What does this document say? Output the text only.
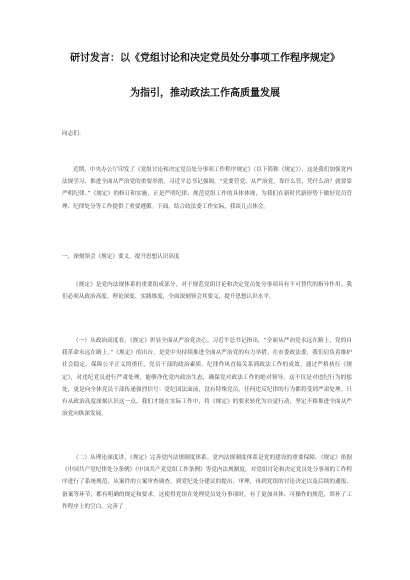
研讨发言：以《党组讨论和决定党员处分事项工作程序规定》
为指引，推动政法工作高质量发展

同志们：

近期，中央办公厅印发了《党组讨论和决定党员处分事项工作程序规定》（以下简称《规定》），这是我们加强党内法规学习、推进全面从严治党的重要举措。习近平总书记强调，“党要管党、从严治党，靠什么管，凭什么治？就要靠严明纪律。”《规定》的修订和实施，正是严明纪律、规范党组工作的具体体现，为我们在新时代新形势下做好党员管理、纪律处分等工作提供了重要遵循。下面，结合政法委工作实际，我谈几点体会。

一、深刻领会《规定》要义，提升思想认识高度

《规定》是党内法规体系的重要组成部分，对于规范党组讨论和决定党员处分事项具有不可替代的指导作用。我们必须从政治高度、理论深度、实践维度，全面深刻领会其要义，提升思想认识水平。

（一）从政治高度看，《规定》彰显全面从严治党决心。习近平总书记指出，“全面从严治党永远在路上，党的自我革命永远在路上。”《规定》的出台，是党中央持续推进全面从严治党的有力举措。在市委政法委，我们肩负着维护社会稳定、保障公平正义的重任，党员干部的政治素质、纪律作风直接关系到政法工作的成效。通过严格执行《规定》，对违纪党员进行严肃处理，能够净化党内政治生态，确保党对政法工作的绝对领导。这不仅是对违纪行为的惩处，更是向全体党员干部传递强烈信号：党纪国法面前，没有特殊党员，任何违反纪律的行为都将受到严肃处理。只有从政治高度深刻认识这一点，我们才能在实际工作中，将《规定》的要求转化为自觉行动，坚定不移推进全面从严治党向纵深发展。

（二）从理论深度讲，《规定》完善党内法规制度体系。党内法规制度体系是党的建设的重要保障。《规定》依据《中国共产党纪律处分条例》《中国共产党党组工作条例》等党内法规制度，对党组讨论和决定党员处分事项的工作程序进行了系统规范，从案件的立案审查调查，到党纪处分建议的提出、审理，再到党组的讨论决定以及后续的通报、备案等环节，都有明确的规定和要求，这使得党组在处理党员处分事项时，有了更加具体、可操作的规范，填补了工作程序上的空白，完善了
